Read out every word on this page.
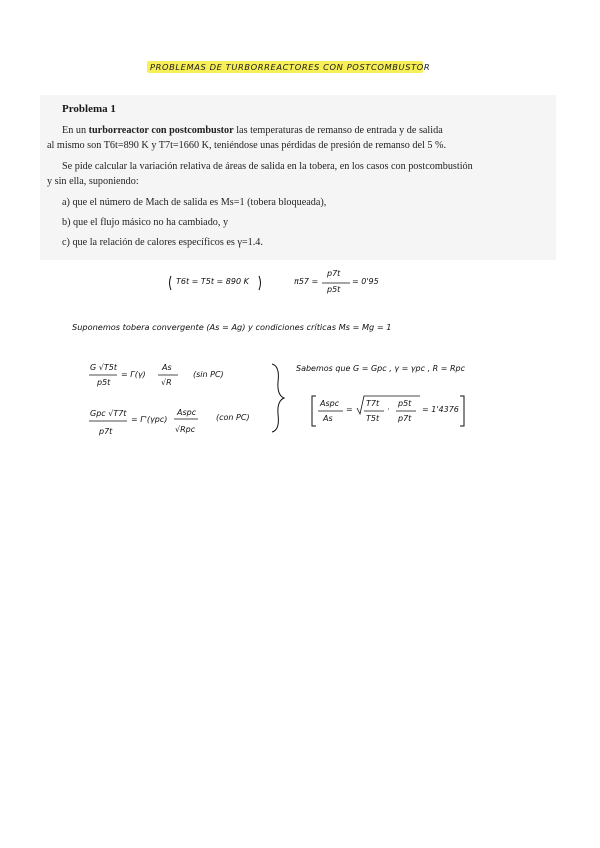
PROBLEMAS DE TURBORREACTORES CON POSTCOMBUSTOR
Problema 1
En un turborreactor con postcombustor las temperaturas de remanso de entrada y de salida
al mismo son T6t=890 K y T7t=1660 K, teniéndose unas pérdidas de presión de remanso del 5 %.
Se pide calcular la variación relativa de áreas de salida en la tobera, en los casos con postcombustión
y sin ella, suponiendo:
a) que el número de Mach de salida es Ms=1 (tobera bloqueada),
b) que el flujo másico no ha cambiado, y
c) que la relación de calores específicos es γ=1.4.
T6t = T5t = 890 K	π57 =
p7t
p5t
= 0'95
Suponemos tobera convergente (As = Ag) y condiciones críticas Ms = Mg = 1
G √T5t
p5t
= Γ(γ)
As
√R
(sin PC)
Gpc √T7t
p7t
= Γ'(γpc)
Aspc
√Rpc
(con PC)
Sabemos que G = Gpc , γ = γpc , R = Rpc
Aspc
As
=
T7t
T5t
·
p5t
p7t
= 1'4376
